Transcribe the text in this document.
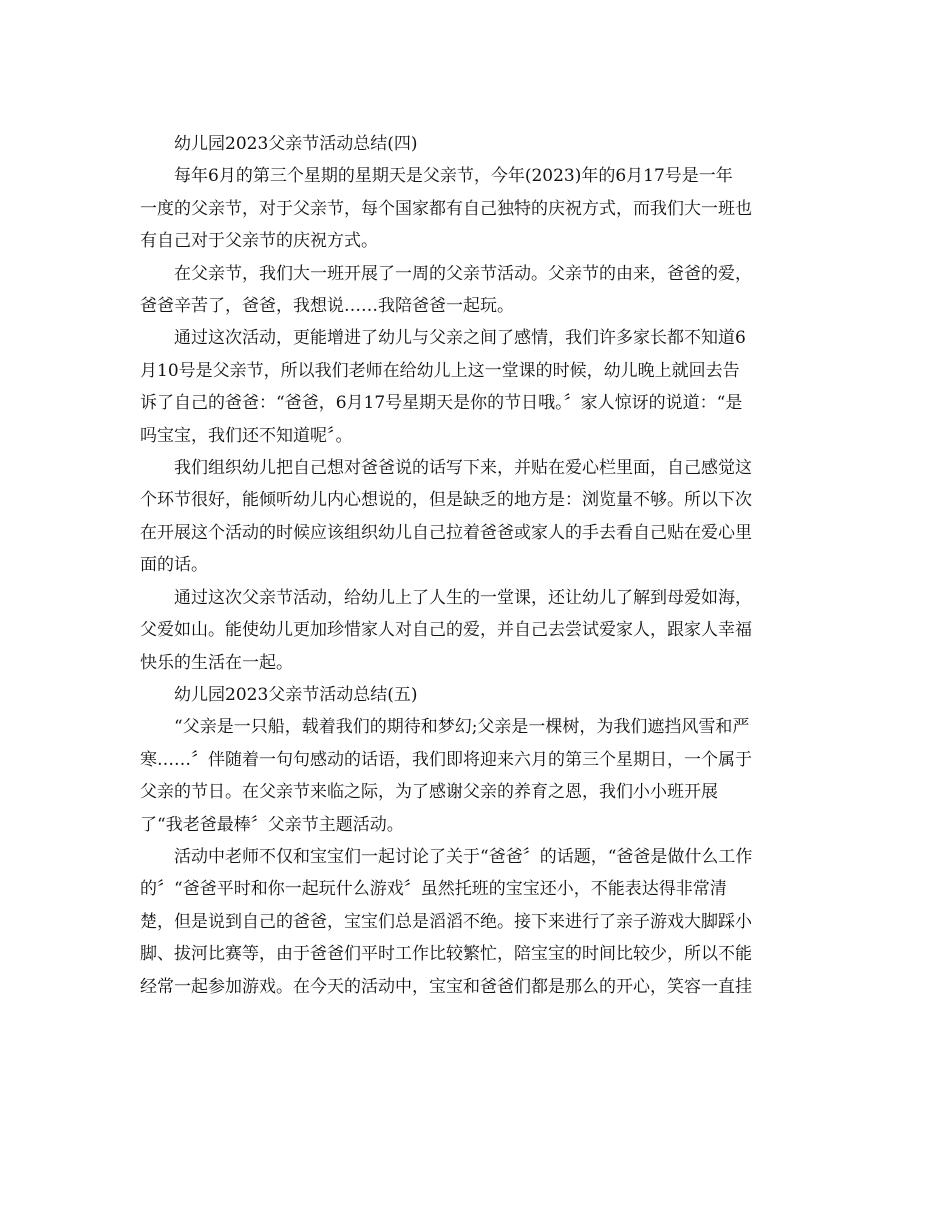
幼儿园2023父亲节活动总结(四)

每年6月的第三个星期的星期天是父亲节，今年(2023)年的6月17号是一年
一度的父亲节，对于父亲节，每个国家都有自己独特的庆祝方式，而我们大一班也
有自己对于父亲节的庆祝方式。

在父亲节，我们大一班开展了一周的父亲节活动。父亲节的由来，爸爸的爱，
爸爸辛苦了，爸爸，我想说……我陪爸爸一起玩。

通过这次活动，更能增进了幼儿与父亲之间了感情，我们许多家长都不知道6
月10号是父亲节，所以我们老师在给幼儿上这一堂课的时候，幼儿晚上就回去告
诉了自己的爸爸：“爸爸，6月17号星期天是你的节日哦。〞家人惊讶的说道：“是
吗宝宝，我们还不知道呢〞。

我们组织幼儿把自己想对爸爸说的话写下来，并贴在爱心栏里面，自己感觉这
个环节很好，能倾听幼儿内心想说的，但是缺乏的地方是：浏览量不够。所以下次
在开展这个活动的时候应该组织幼儿自己拉着爸爸或家人的手去看自己贴在爱心里
面的话。

通过这次父亲节活动，给幼儿上了人生的一堂课，还让幼儿了解到母爱如海，
父爱如山。能使幼儿更加珍惜家人对自己的爱，并自己去尝试爱家人，跟家人幸福
快乐的生活在一起。

幼儿园2023父亲节活动总结(五)

“父亲是一只船，载着我们的期待和梦幻;父亲是一棵树，为我们遮挡风雪和严
寒……〞伴随着一句句感动的话语，我们即将迎来六月的第三个星期日，一个属于
父亲的节日。在父亲节来临之际，为了感谢父亲的养育之恩，我们小小班开展
了“我老爸最棒〞父亲节主题活动。

活动中老师不仅和宝宝们一起讨论了关于“爸爸〞的话题，“爸爸是做什么工作
的〞“爸爸平时和你一起玩什么游戏〞虽然托班的宝宝还小，不能表达得非常清
楚，但是说到自己的爸爸，宝宝们总是滔滔不绝。接下来进行了亲子游戏大脚踩小
脚、拔河比赛等，由于爸爸们平时工作比较繁忙，陪宝宝的时间比较少，所以不能
经常一起参加游戏。在今天的活动中，宝宝和爸爸们都是那么的开心，笑容一直挂
